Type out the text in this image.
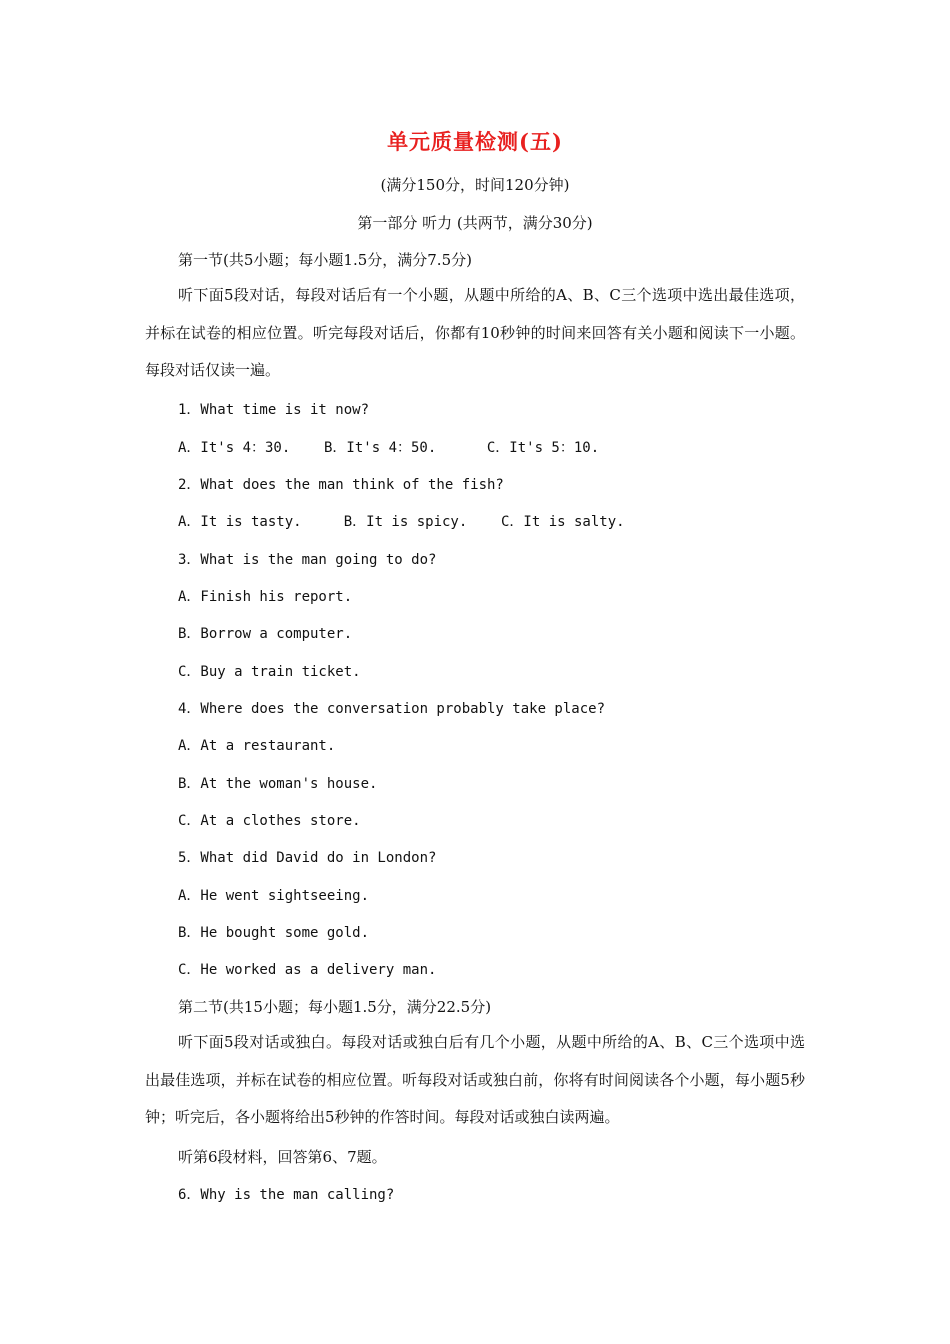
单元质量检测(五)
(满分150分，时间120分钟)
第一部分 听力 (共两节，满分30分)
第一节(共5小题；每小题1.5分，满分7.5分)
听下面5段对话，每段对话后有一个小题，从题中所给的A、B、C三个选项中选出最佳选项，并标在试卷的相应位置。听完每段对话后，你都有10秒钟的时间来回答有关小题和阅读下一小题。每段对话仅读一遍。
1．What time is it now?
A．It's 4：30.    B．It's 4：50.      C．It's 5：10.
2．What does the man think of the fish?
A．It is tasty.     B．It is spicy.    C．It is salty.
3．What is the man going to do?
A．Finish his report.
B．Borrow a computer.
C．Buy a train ticket.
4．Where does the conversation probably take place?
A．At a restaurant.
B．At the woman's house.
C．At a clothes store.
5．What did David do in London?
A．He went sightseeing.
B．He bought some gold.
C．He worked as a delivery man.
第二节(共15小题；每小题1.5分，满分22.5分)
听下面5段对话或独白。每段对话或独白后有几个小题，从题中所给的A、B、C三个选项中选出最佳选项，并标在试卷的相应位置。听每段对话或独白前，你将有时间阅读各个小题，每小题5秒钟；听完后，各小题将给出5秒钟的作答时间。每段对话或独白读两遍。
听第6段材料，回答第6、7题。
6．Why is the man calling?
